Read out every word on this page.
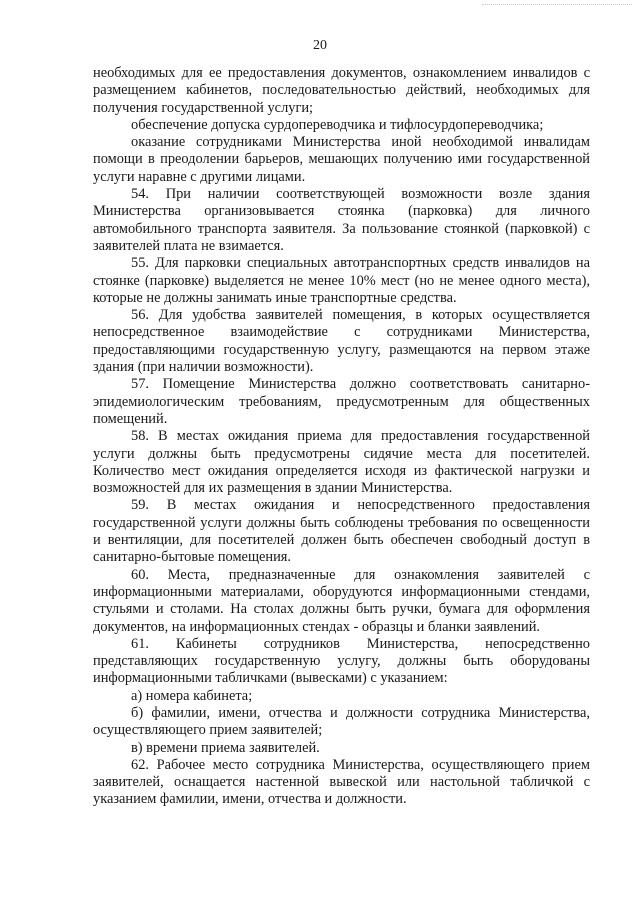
20

необходимых для ее предоставления документов, ознакомлением инвалидов с размещением кабинетов, последовательностью действий, необходимых для получения государственной услуги;

обеспечение допуска сурдопереводчика и тифлосурдопереводчика;

оказание сотрудниками Министерства иной необходимой инвалидам помощи в преодолении барьеров, мешающих получению ими государственной услуги наравне с другими лицами.

54. При наличии соответствующей возможности возле здания Министерства организовывается стоянка (парковка) для личного автомобильного транспорта заявителя. За пользование стоянкой (парковкой) с заявителей плата не взимается.

55. Для парковки специальных автотранспортных средств инвалидов на стоянке (парковке) выделяется не менее 10% мест (но не менее одного места), которые не должны занимать иные транспортные средства.

56. Для удобства заявителей помещения, в которых осуществляется непосредственное взаимодействие с сотрудниками Министерства, предоставляющими государственную услугу, размещаются на первом этаже здания (при наличии возможности).

57. Помещение Министерства должно соответствовать санитарно-эпидемиологическим требованиям, предусмотренным для общественных помещений.

58. В местах ожидания приема для предоставления государственной услуги должны быть предусмотрены сидячие места для посетителей. Количество мест ожидания определяется исходя из фактической нагрузки и возможностей для их размещения в здании Министерства.

59. В местах ожидания и непосредственного предоставления государственной услуги должны быть соблюдены требования по освещенности и вентиляции, для посетителей должен быть обеспечен свободный доступ в санитарно-бытовые помещения.

60. Места, предназначенные для ознакомления заявителей с информационными материалами, оборудуются информационными стендами, стульями и столами. На столах должны быть ручки, бумага для оформления документов, на информационных стендах - образцы и бланки заявлений.

61. Кабинеты сотрудников Министерства, непосредственно представляющих государственную услугу, должны быть оборудованы информационными табличками (вывесками) с указанием:

а) номера кабинета;

б) фамилии, имени, отчества и должности сотрудника Министерства, осуществляющего прием заявителей;

в) времени приема заявителей.

62. Рабочее место сотрудника Министерства, осуществляющего прием заявителей, оснащается настенной вывеской или настольной табличкой с указанием фамилии, имени, отчества и должности.
